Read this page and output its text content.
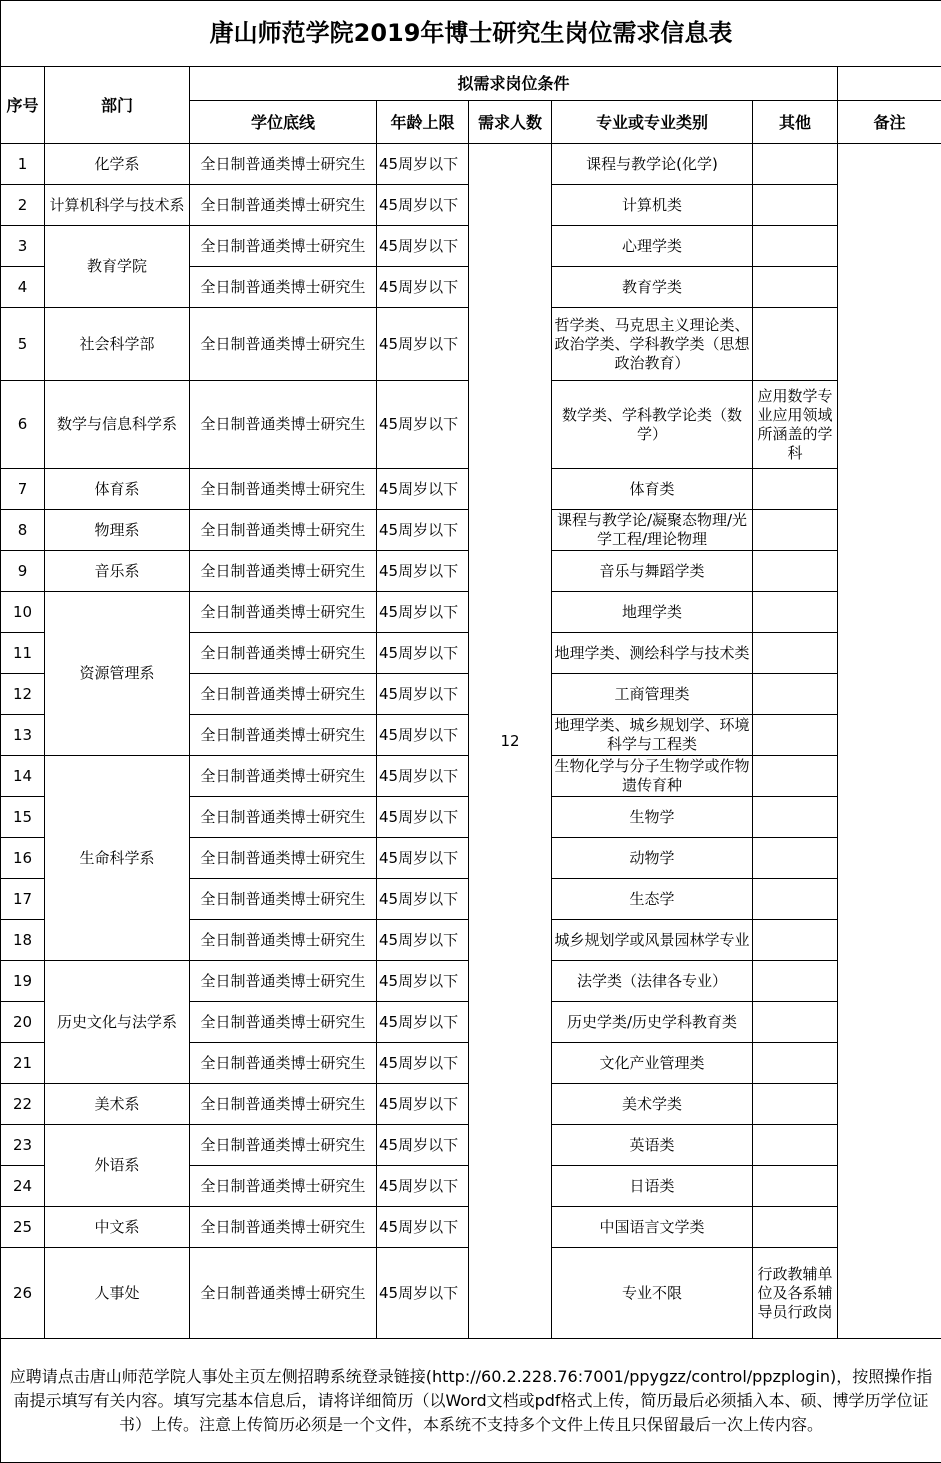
唐山师范学院2019年博士研究生岗位需求信息表							
序号	部门	拟需求岗位条件					
		学位底线	年龄上限	需求人数	专业或专业类别	其他	备注
1	化学系	全日制普通类博士研究生	45周岁以下	12	课程与教学论(化学)		
2	计算机科学与技术系	全日制普通类博士研究生	45周岁以下		计算机类		
3	教育学院	全日制普通类博士研究生	45周岁以下		心理学类		
4		全日制普通类博士研究生	45周岁以下		教育学类		
5	社会科学部	全日制普通类博士研究生	45周岁以下		哲学类、马克思主义理论类、政治学类、学科教学类（思想政治教育）		
6	数学与信息科学系	全日制普通类博士研究生	45周岁以下		数学类、学科教学论类（数学）	应用数学专业应用领域所涵盖的学科	
7	体育系	全日制普通类博士研究生	45周岁以下		体育类		
8	物理系	全日制普通类博士研究生	45周岁以下		课程与教学论/凝聚态物理/光学工程/理论物理		
9	音乐系	全日制普通类博士研究生	45周岁以下		音乐与舞蹈学类		
10	资源管理系	全日制普通类博士研究生	45周岁以下		地理学类		
11		全日制普通类博士研究生	45周岁以下		地理学类、测绘科学与技术类		
12		全日制普通类博士研究生	45周岁以下		工商管理类		
13		全日制普通类博士研究生	45周岁以下		地理学类、城乡规划学、环境科学与工程类		
14	生命科学系	全日制普通类博士研究生	45周岁以下		生物化学与分子生物学或作物遗传育种		
15		全日制普通类博士研究生	45周岁以下		生物学		
16		全日制普通类博士研究生	45周岁以下		动物学		
17		全日制普通类博士研究生	45周岁以下		生态学		
18		全日制普通类博士研究生	45周岁以下		城乡规划学或风景园林学专业		
19	历史文化与法学系	全日制普通类博士研究生	45周岁以下		法学类（法律各专业）		
20		全日制普通类博士研究生	45周岁以下		历史学类/历史学科教育类		
21		全日制普通类博士研究生	45周岁以下		文化产业管理类		
22	美术系	全日制普通类博士研究生	45周岁以下		美术学类		
23	外语系	全日制普通类博士研究生	45周岁以下		英语类		
24		全日制普通类博士研究生	45周岁以下		日语类		
25	中文系	全日制普通类博士研究生	45周岁以下		中国语言文学类		
26	人事处	全日制普通类博士研究生	45周岁以下		专业不限	行政教辅单位及各系辅导员行政岗	
应聘请点击唐山师范学院人事处主页左侧招聘系统登录链接(http://60.2.228.76:7001/ppygzz/control/ppzplogin)，按照操作指南提示填写有关内容。填写完基本信息后，请将详细简历（以Word文档或pdf格式上传，简历最后必须插入本、硕、博学历学位证书）上传。注意上传简历必须是一个文件，本系统不支持多个文件上传且只保留最后一次上传内容。							
